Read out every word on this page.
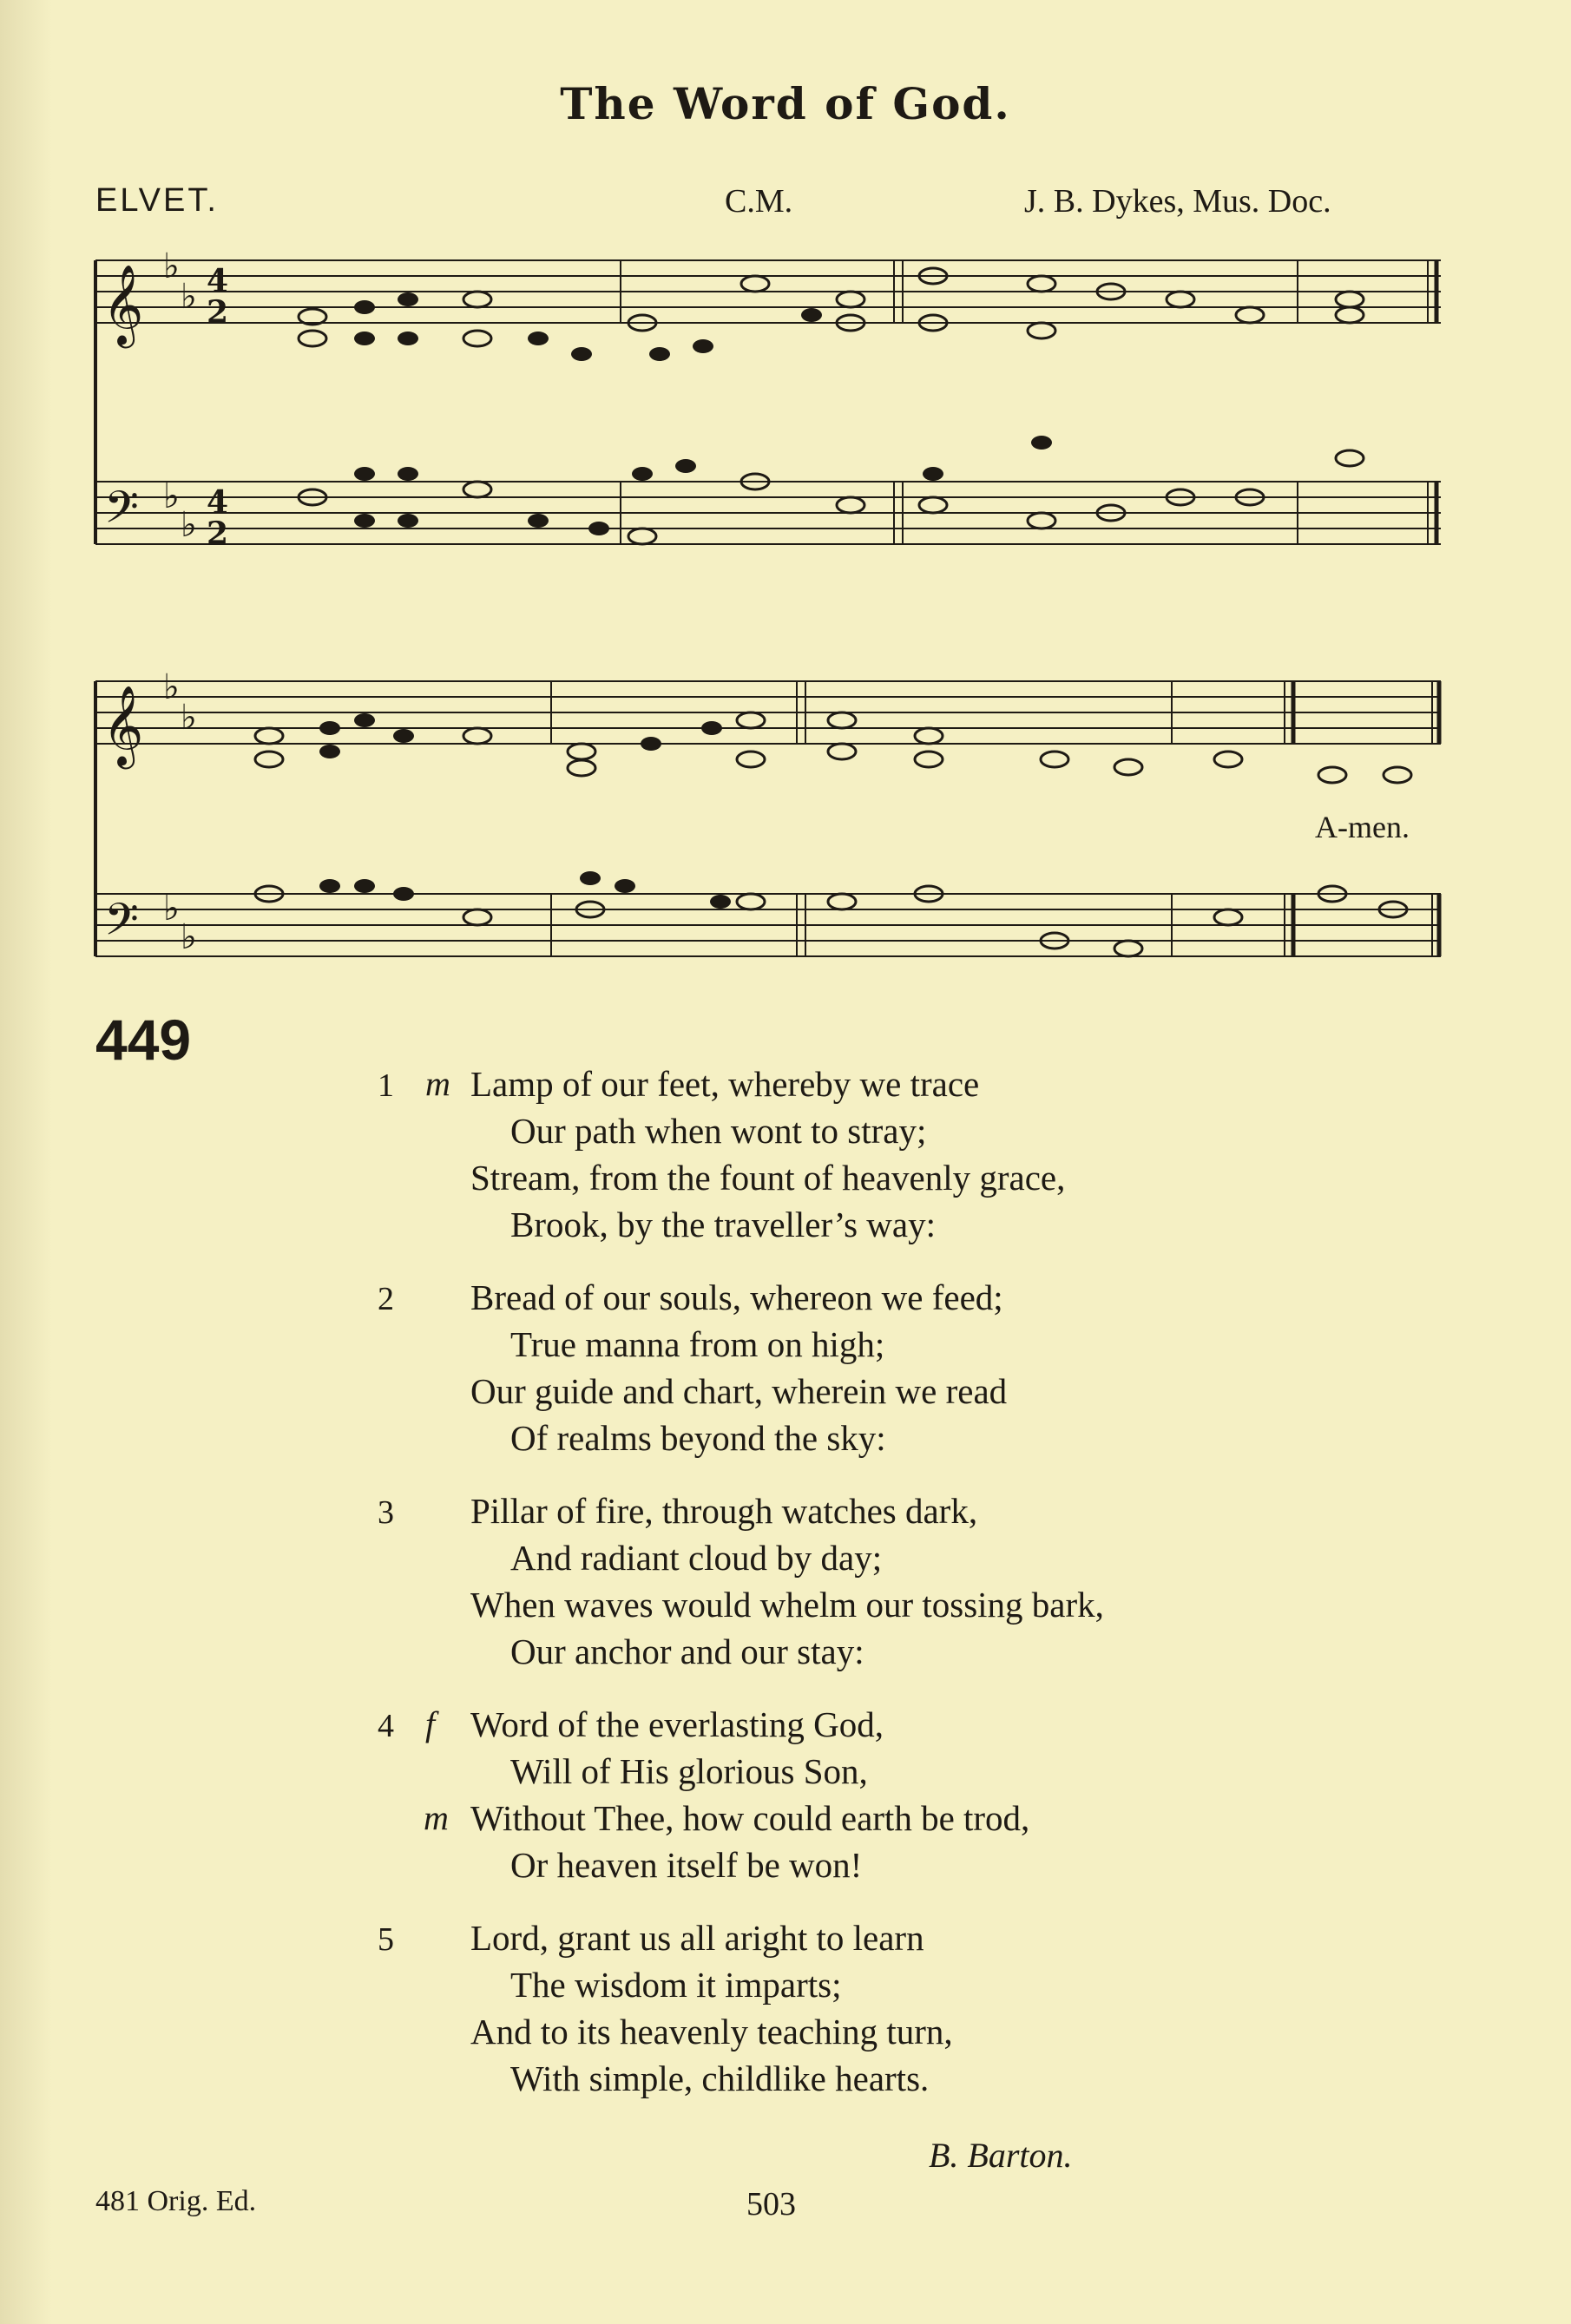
The Word of God.
ELVET.	C.M.	J. B. Dykes, Mus. Doc.
𝄞
𝄢
♭
♭
♭
♭
4
2
4
2
𝄞
𝄢
♭
♭
♭
♭
A-men.
449
1 m Lamp of our feet, whereby we trace
Our path when wont to stray;
Stream, from the fount of heavenly grace,
Brook, by the traveller’s way:
2 Bread of our souls, whereon we feed;
True manna from on high;
Our guide and chart, wherein we read
Of realms beyond the sky:
3 Pillar of fire, through watches dark,
And radiant cloud by day;
When waves would whelm our tossing bark,
Our anchor and our stay:
4 f Word of the everlasting God,
Will of His glorious Son,
m Without Thee, how could earth be trod,
Or heaven itself be won!
5 Lord, grant us all aright to learn
The wisdom it imparts;
And to its heavenly teaching turn,
With simple, childlike hearts.
B. Barton.
481 Orig. Ed.	503
